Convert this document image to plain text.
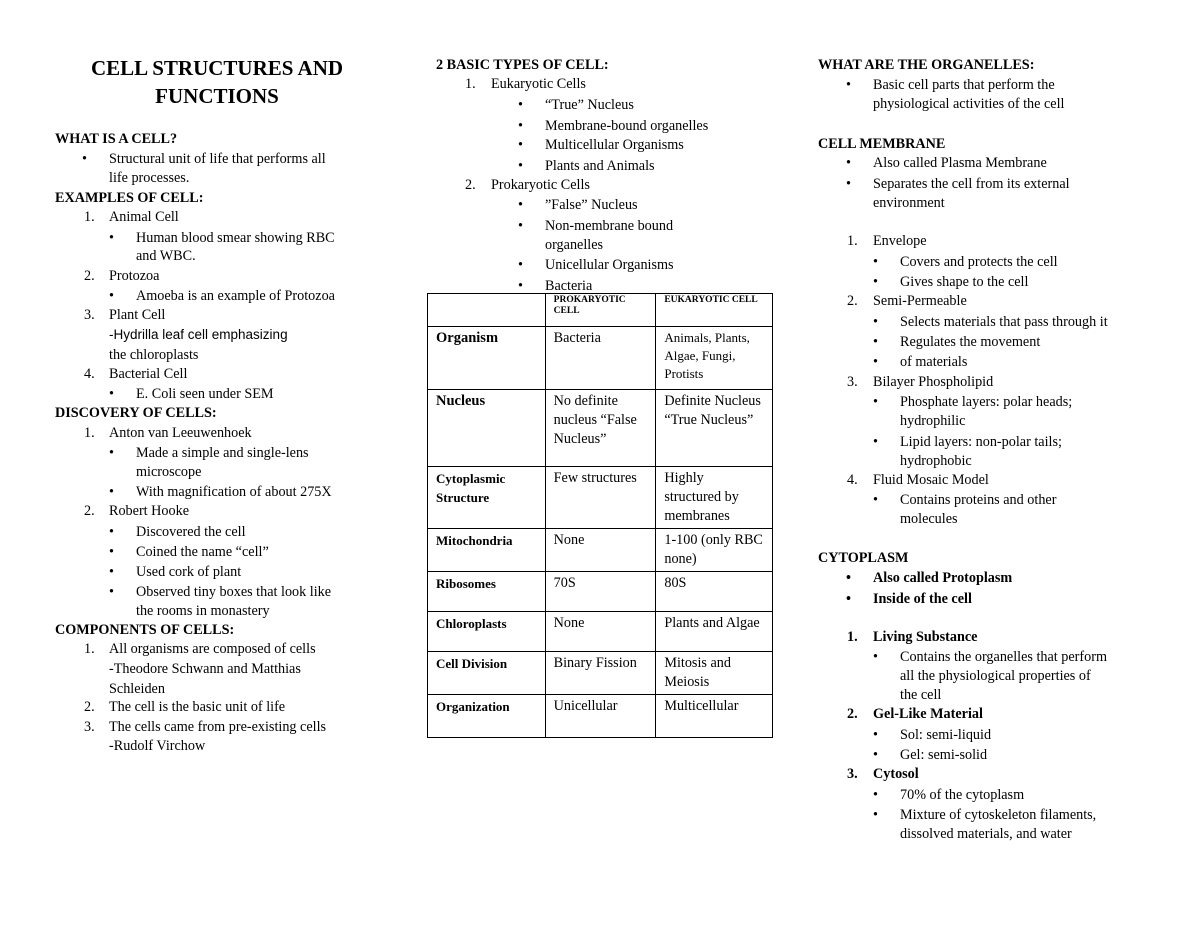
CELL STRUCTURES AND
FUNCTIONS
WHAT IS A CELL?
• Structural unit of life that performs all
life processes.
EXAMPLES OF CELL:
1. Animal Cell
• Human blood smear showing RBC
and WBC.
2. Protozoa
• Amoeba is an example of Protozoa
3. Plant Cell
-Hydrilla leaf cell emphasizing
the chloroplasts
4. Bacterial Cell
• E. Coli seen under SEM
DISCOVERY OF CELLS:
1. Anton van Leeuwenhoek
• Made a simple and single-lens
microscope
• With magnification of about 275X
2. Robert Hooke
• Discovered the cell
• Coined the name “cell”
• Used cork of plant
• Observed tiny boxes that look like
the rooms in monastery
COMPONENTS OF CELLS:
1. All organisms are composed of cells
-Theodore Schwann and Matthias
Schleiden
2. The cell is the basic unit of life
3. The cells came from pre-existing cells
-Rudolf Virchow
2 BASIC TYPES OF CELL:
1. Eukaryotic Cells
• “True” Nucleus
• Membrane-bound organelles
• Multicellular Organisms
• Plants and Animals
2. Prokaryotic Cells
• ”False” Nucleus
• Non-membrane bound
organelles
• Unicellular Organisms
• Bacteria
	PROKARYOTIC CELL	EUKARYOTIC CELL
Organism	Bacteria	Animals, Plants, Algae, Fungi, Protists
Nucleus	No definite nucleus “False Nucleus”	Definite Nucleus “True Nucleus”
Cytoplasmic Structure	Few structures	Highly structured by membranes
Mitochondria	None	1-100 (only RBC none)
Ribosomes	70S	80S
Chloroplasts	None	Plants and Algae
Cell Division	Binary Fission	Mitosis and Meiosis
Organization	Unicellular	Multicellular
WHAT ARE THE ORGANELLES:
• Basic cell parts that perform the
physiological activities of the cell
CELL MEMBRANE
• Also called Plasma Membrane
• Separates the cell from its external
environment
1. Envelope
• Covers and protects the cell
• Gives shape to the cell
2. Semi-Permeable
• Selects materials that pass through it
• Regulates the movement
• of materials
3. Bilayer Phospholipid
• Phosphate layers: polar heads;
hydrophilic
• Lipid layers: non-polar tails;
hydrophobic
4. Fluid Mosaic Model
• Contains proteins and other
molecules
CYTOPLASM
• Also called Protoplasm
• Inside of the cell
1. Living Substance
• Contains the organelles that perform
all the physiological properties of
the cell
2. Gel-Like Material
• Sol: semi-liquid
• Gel: semi-solid
3. Cytosol
• 70% of the cytoplasm
• Mixture of cytoskeleton filaments,
dissolved materials, and water
